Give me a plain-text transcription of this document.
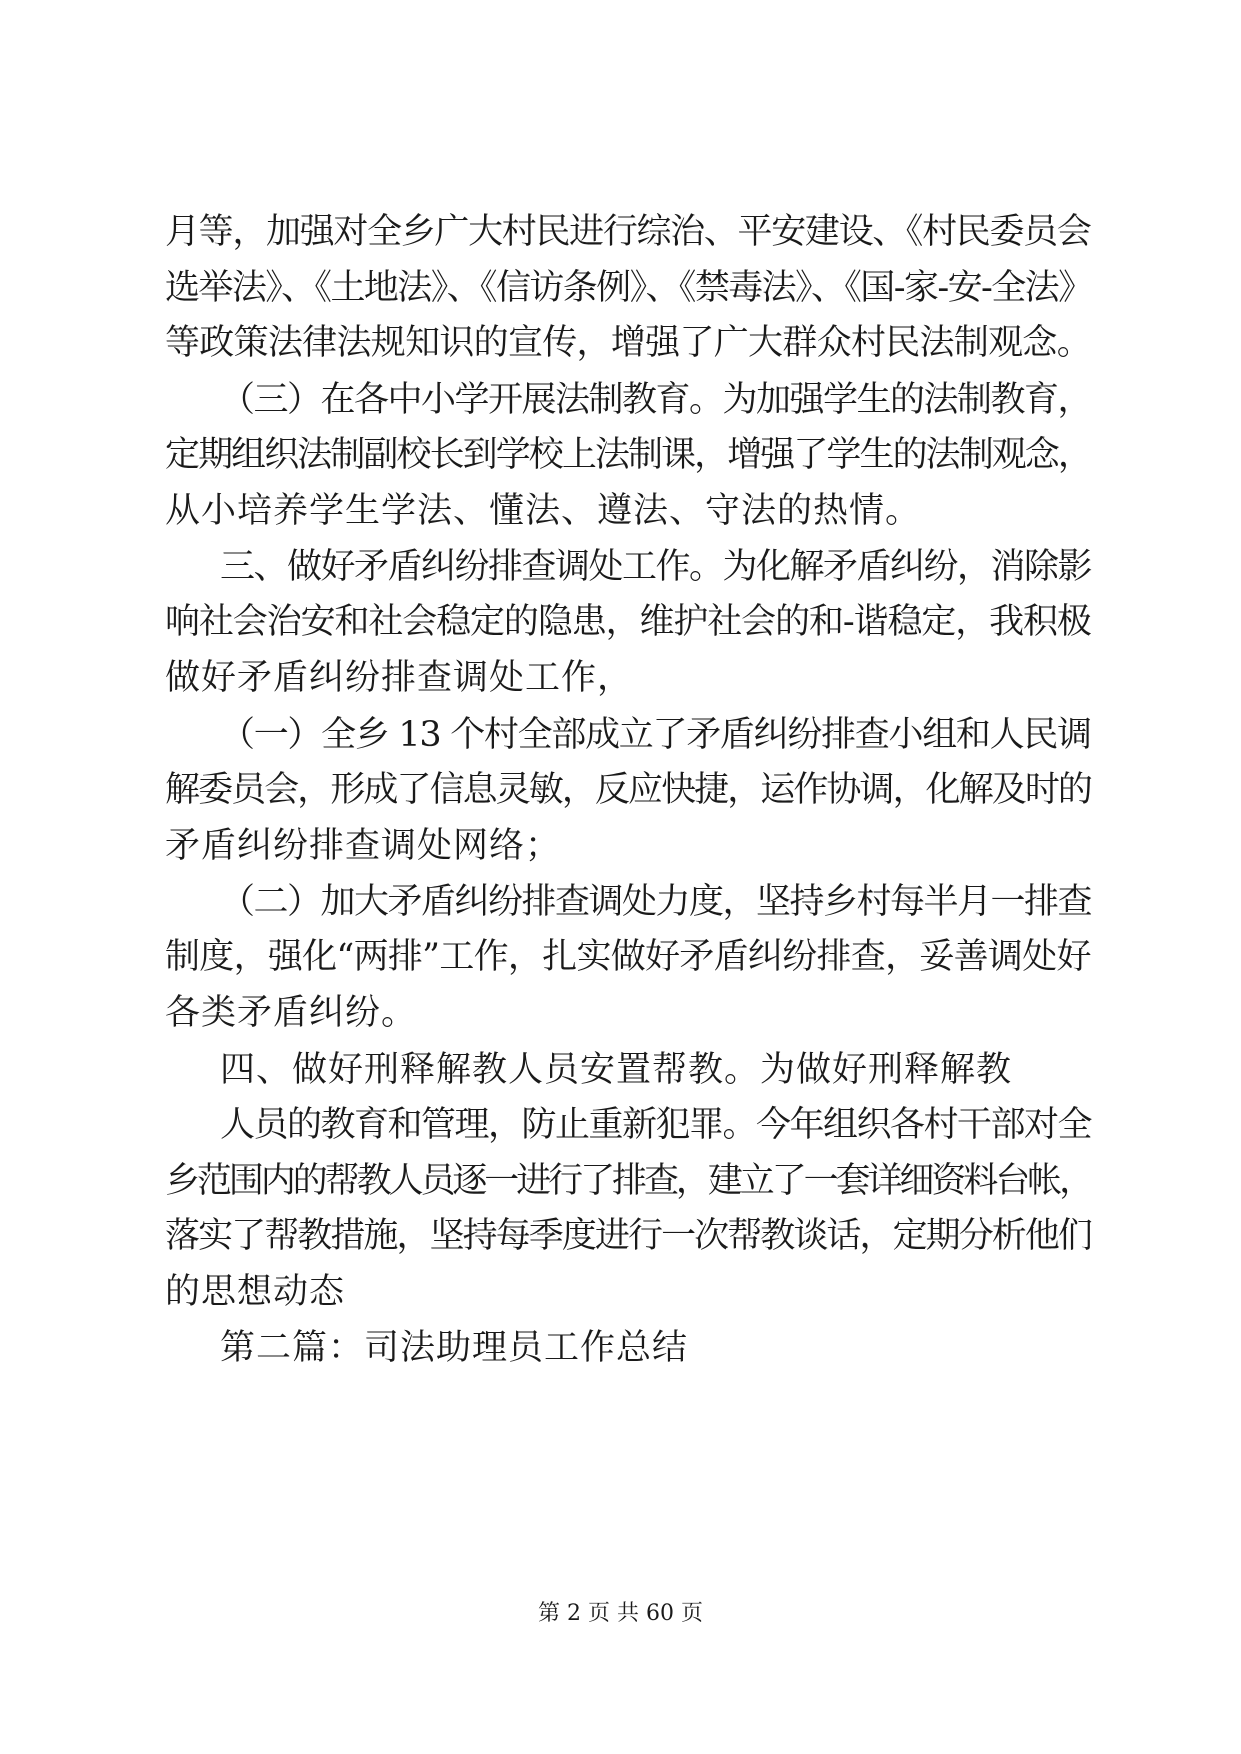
月等，加强对全乡广大村民进行综治、平安建设、《村民委员会
选举法》、《土地法》、《信访条例》、《禁毒法》、《国-家-安-全法》
等政策法律法规知识的宣传，增强了广大群众村民法制观念。
（三）在各中小学开展法制教育。为加强学生的法制教育，
定期组织法制副校长到学校上法制课，增强了学生的法制观念，
从小培养学生学法、懂法、遵法、守法的热情。
三、做好矛盾纠纷排查调处工作。为化解矛盾纠纷，消除影
响社会治安和社会稳定的隐患，维护社会的和-谐稳定，我积极
做好矛盾纠纷排查调处工作，
（一）全乡 13 个村全部成立了矛盾纠纷排查小组和人民调
解委员会，形成了信息灵敏，反应快捷，运作协调，化解及时的
矛盾纠纷排查调处网络；
（二）加大矛盾纠纷排查调处力度，坚持乡村每半月一排查
制度，强化“两排”工作，扎实做好矛盾纠纷排查，妥善调处好
各类矛盾纠纷。
四、做好刑释解教人员安置帮教。为做好刑释解教
人员的教育和管理，防止重新犯罪。今年组织各村干部对全
乡范围内的帮教人员逐一进行了排查，建立了一套详细资料台帐，
落实了帮教措施，坚持每季度进行一次帮教谈话，定期分析他们
的思想动态
第二篇：司法助理员工作总结
第 2 页 共 60 页
